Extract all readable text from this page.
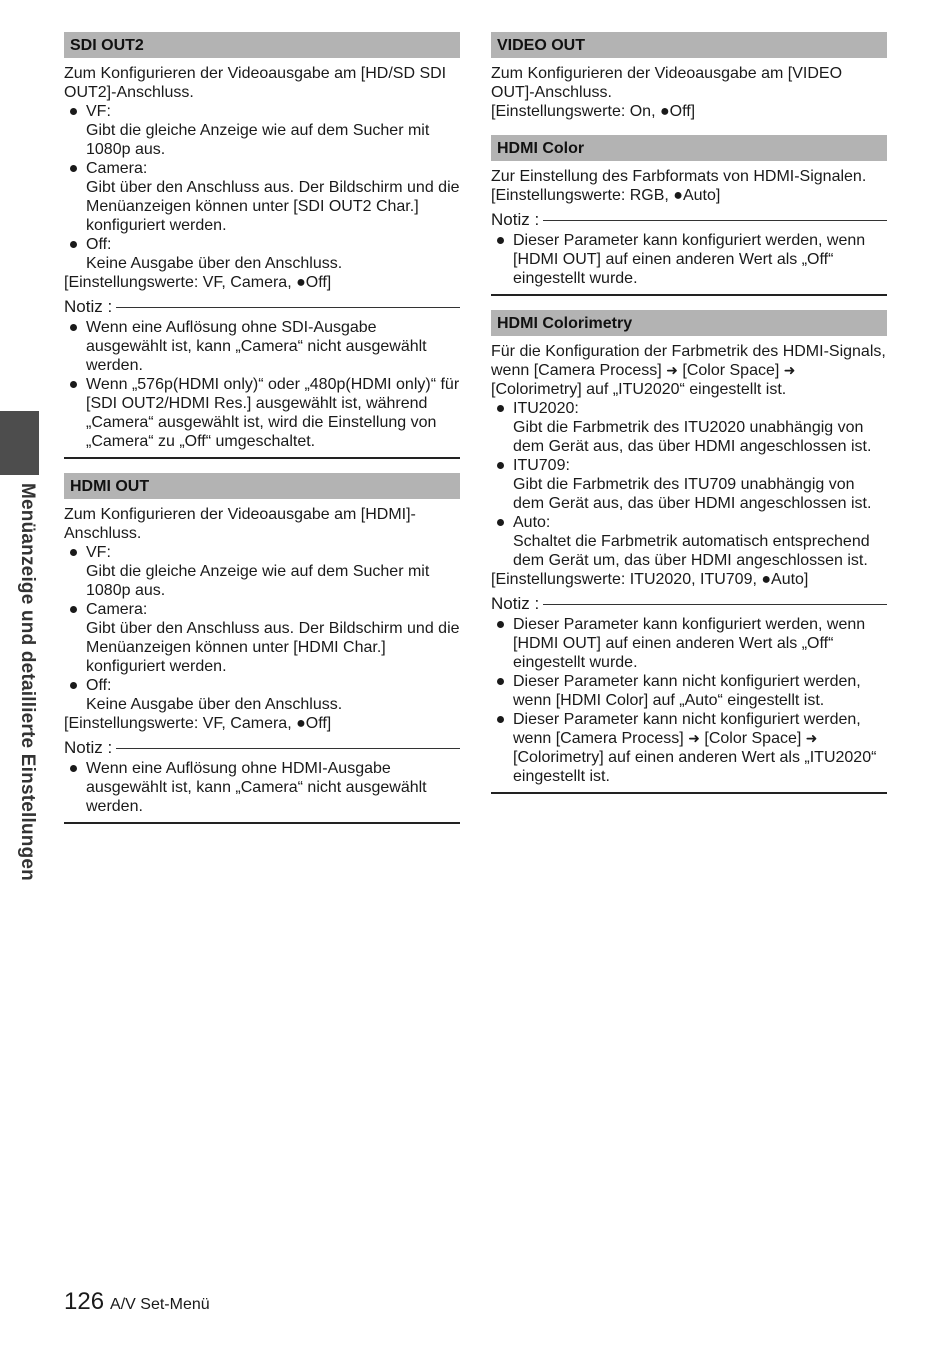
Menüanzeige und detaillierte Einstellungen
SDI OUT2

Zum Konfigurieren der Videoausgabe am [HD/SD SDI OUT2]-Anschluss.

VF:
Gibt die gleiche Anzeige wie auf dem Sucher mit 1080p aus.
Camera:
Gibt über den Anschluss aus. Der Bildschirm und die Menüanzeigen können unter [SDI OUT2 Char.] konfiguriert werden.
Off:
Keine Ausgabe über den Anschluss.

[Einstellungswerte: VF, Camera, ●Off]

Notiz :
Wenn eine Auflösung ohne SDI-Ausgabe ausgewählt ist, kann „Camera“ nicht ausgewählt werden.
Wenn „576p(HDMI only)“ oder „480p(HDMI only)“ für [SDI OUT2/HDMI Res.] ausgewählt ist, während „Camera“ ausgewählt ist, wird die Einstellung von „Camera“ zu „Off“ umgeschaltet.
HDMI OUT

Zum Konfigurieren der Videoausgabe am [HDMI]-Anschluss.

VF:
Gibt die gleiche Anzeige wie auf dem Sucher mit 1080p aus.
Camera:
Gibt über den Anschluss aus. Der Bildschirm und die Menüanzeigen können unter [HDMI Char.] konfiguriert werden.
Off:
Keine Ausgabe über den Anschluss.

[Einstellungswerte: VF, Camera, ●Off]

Notiz :
Wenn eine Auflösung ohne HDMI-Ausgabe ausgewählt ist, kann „Camera“ nicht ausgewählt werden.
VIDEO OUT

Zum Konfigurieren der Videoausgabe am [VIDEO OUT]-Anschluss.

[Einstellungswerte: On, ●Off]

HDMI Color

Zur Einstellung des Farbformats von HDMI-Signalen.

[Einstellungswerte: RGB, ●Auto]

Notiz :
Dieser Parameter kann konfiguriert werden, wenn [HDMI OUT] auf einen anderen Wert als „Off“ eingestellt wurde.
HDMI Colorimetry

Für die Konfiguration der Farbmetrik des HDMI-Signals, wenn [Camera Process] ➜ [Color Space] ➜ [Colorimetry] auf „ITU2020“ eingestellt ist.

ITU2020:
Gibt die Farbmetrik des ITU2020 unabhängig von dem Gerät aus, das über HDMI angeschlossen ist.
ITU709:
Gibt die Farbmetrik des ITU709 unabhängig von dem Gerät aus, das über HDMI angeschlossen ist.
Auto:
Schaltet die Farbmetrik automatisch entsprechend dem Gerät um, das über HDMI angeschlossen ist.

[Einstellungswerte: ITU2020, ITU709, ●Auto]

Notiz :
Dieser Parameter kann konfiguriert werden, wenn [HDMI OUT] auf einen anderen Wert als „Off“ eingestellt wurde.
Dieser Parameter kann nicht konfiguriert werden, wenn [HDMI Color] auf „Auto“ eingestellt ist.
Dieser Parameter kann nicht konfiguriert werden, wenn [Camera Process] ➜ [Color Space] ➜ [Colorimetry] auf einen anderen Wert als „ITU2020“ eingestellt ist.
126 A/V Set-Menü
